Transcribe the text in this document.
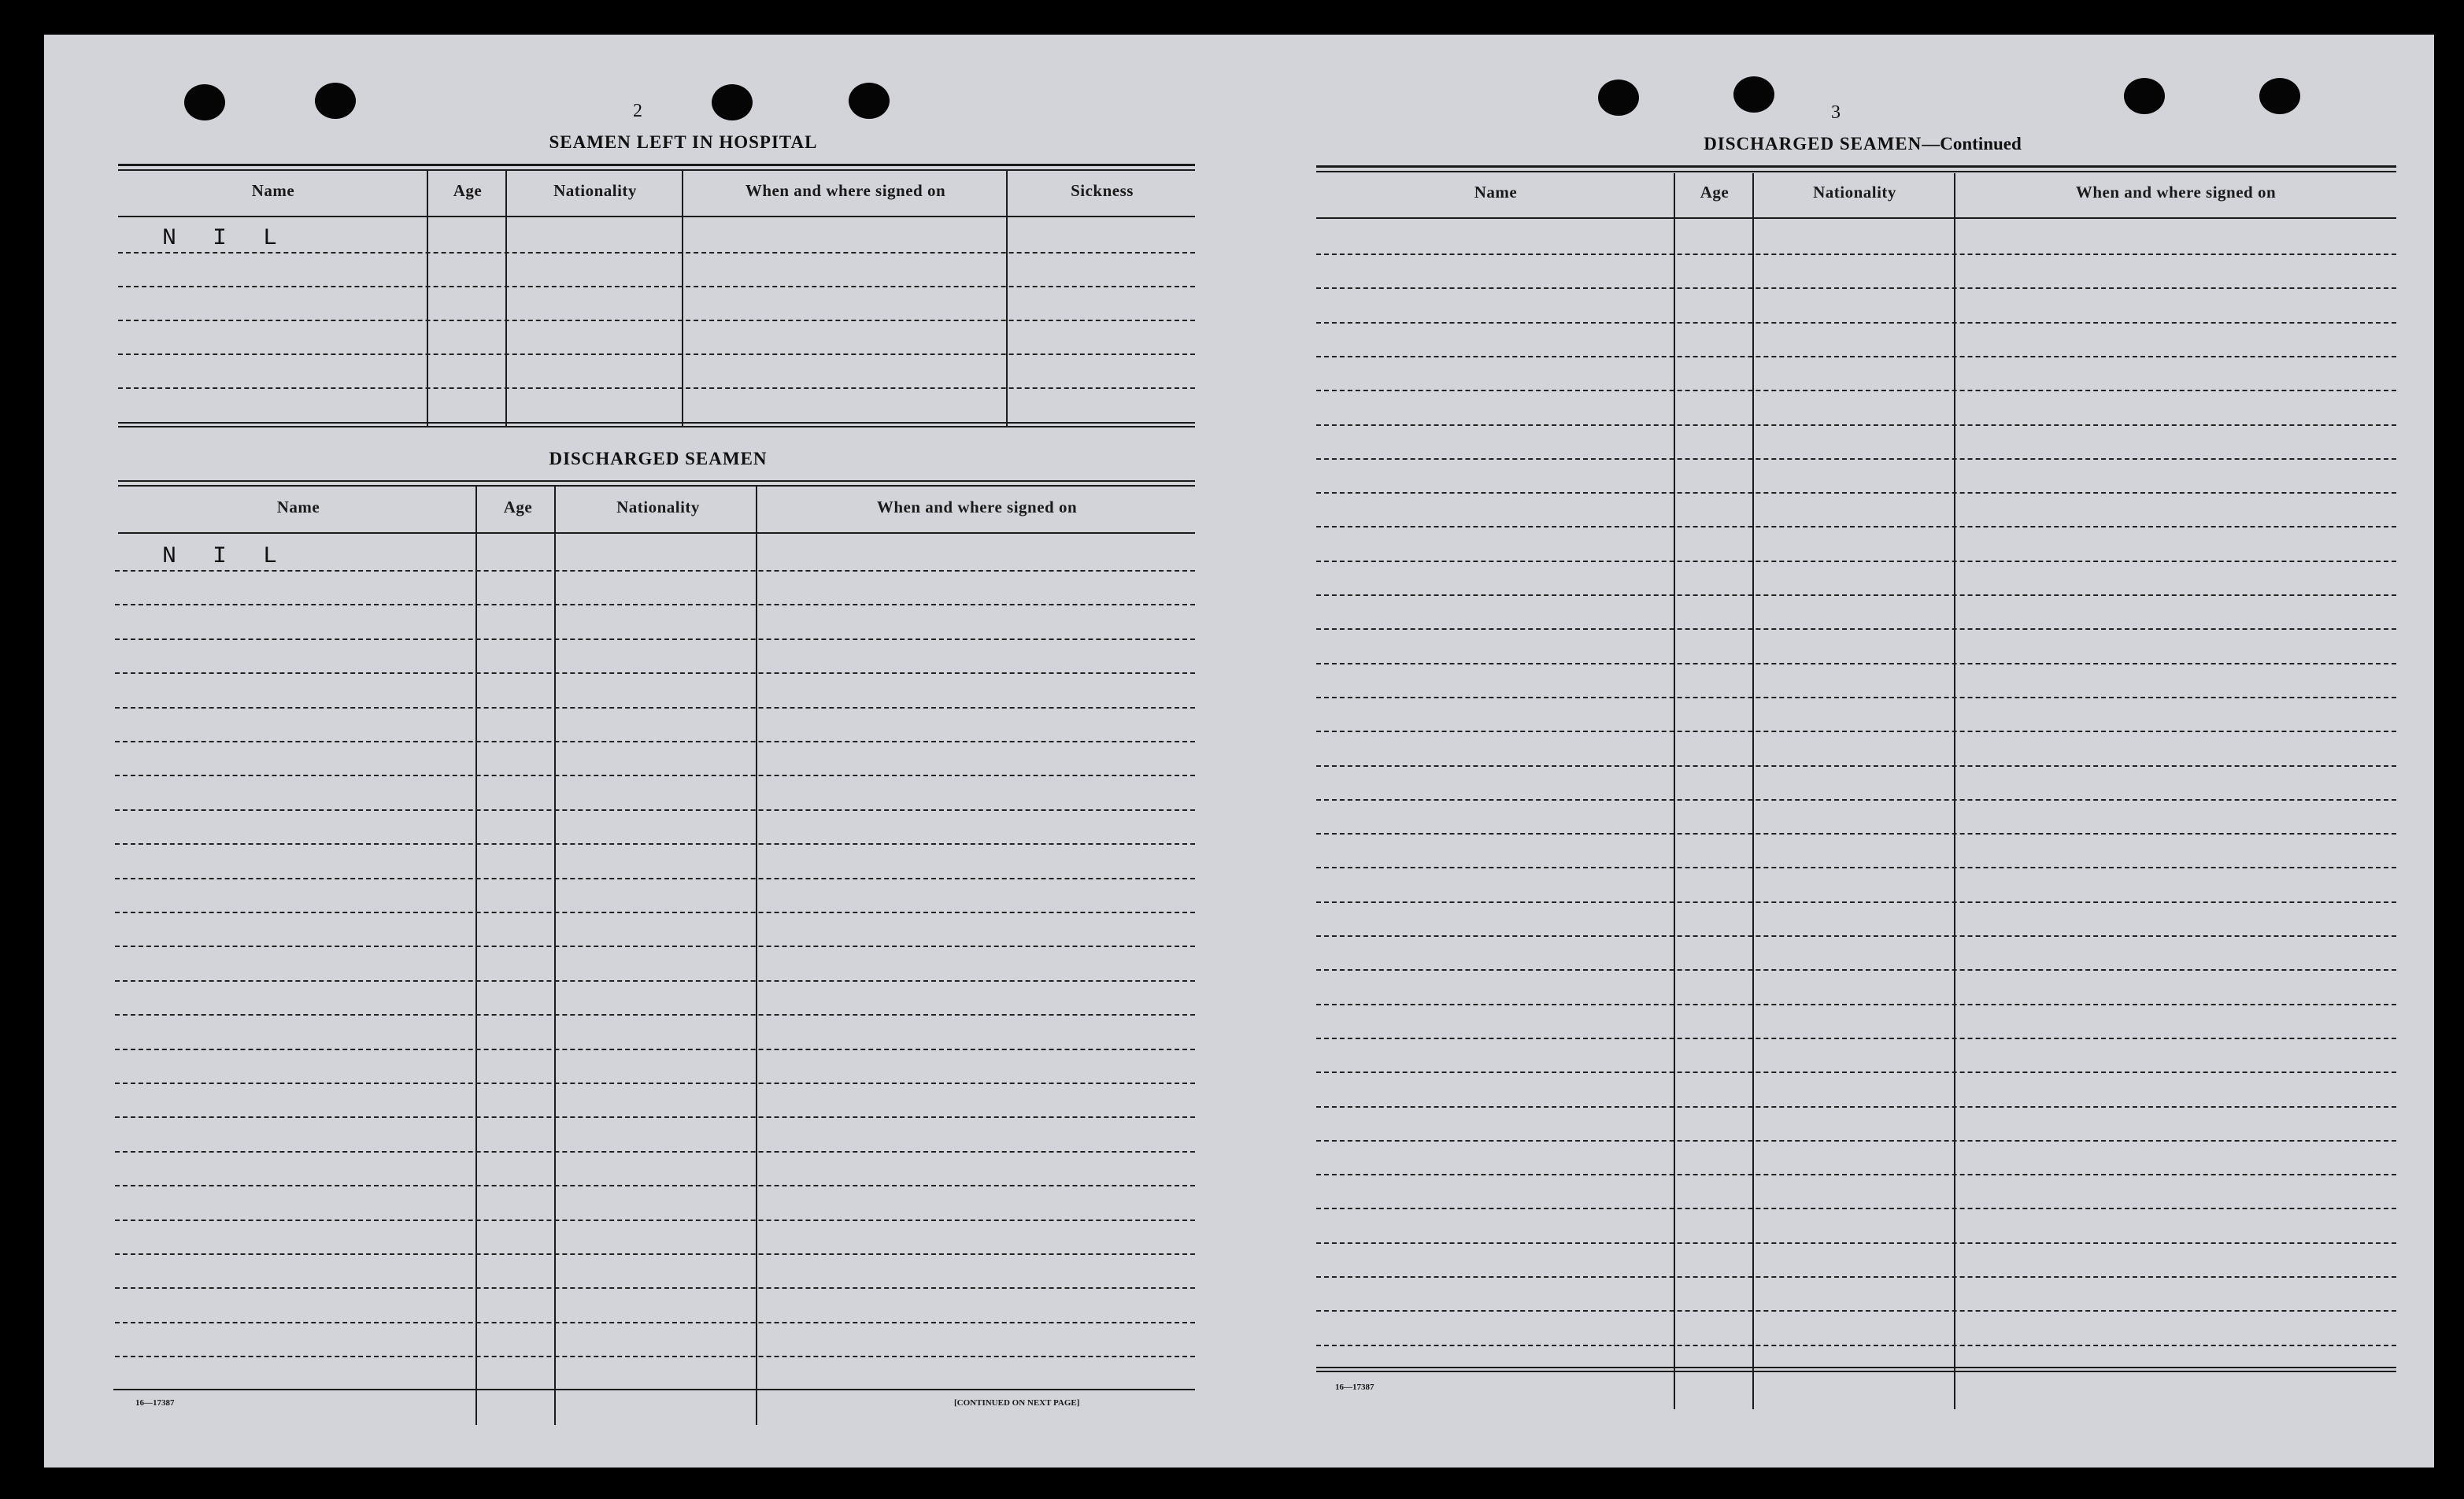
2
SEAMEN LEFT IN HOSPITAL
Name	Age	Nationality	When and where signed on	Sickness
N I L
DISCHARGED SEAMEN
Name	Age	Nationality	When and where signed on
N I L
16—17387	[CONTINUED ON NEXT PAGE]
3
DISCHARGED SEAMEN—Continued
Name	Age	Nationality	When and where signed on
16—17387
